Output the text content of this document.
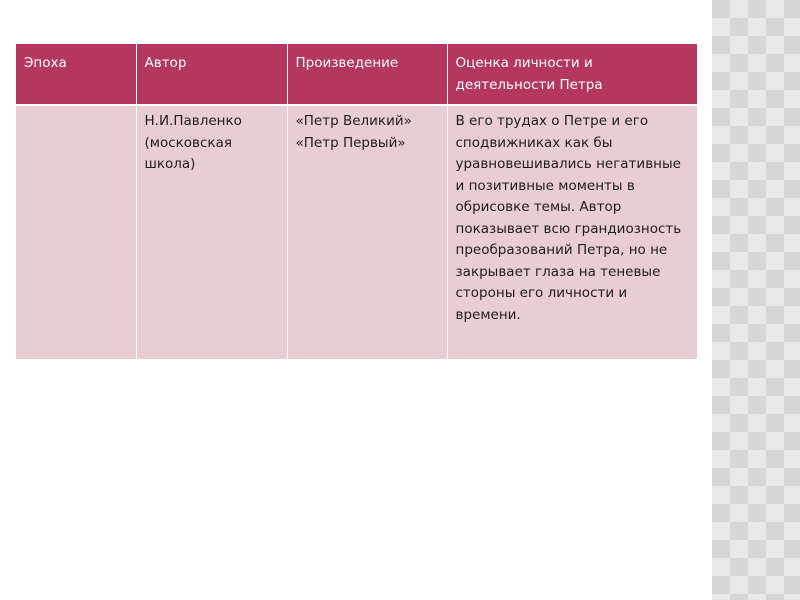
Эпоха	Автор	Произведение	Оценка личности и деятельности Петра
	Н.И.Павленко (московская школа)	«Петр Великий» «Петр Первый»	В его трудах о Петре и его сподвижниках как бы уравновешивались негативные и позитивные моменты в обрисовке темы. Автор показывает всю грандиозность преобразований Петра, но не закрывает глаза на теневые стороны его личности и времени.
